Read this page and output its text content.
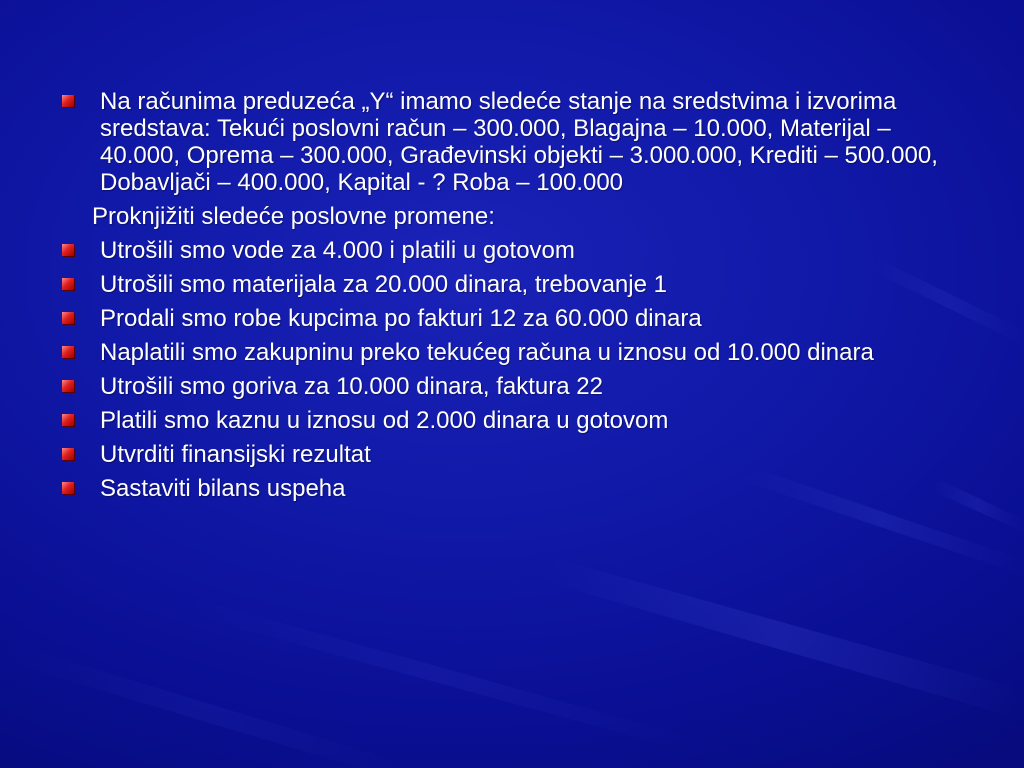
Na računima preduzeća „Y“ imamo sledeće stanje na sredstvima i izvorima sredstava: Tekući poslovni račun – 300.000, Blagajna – 10.000, Materijal – 40.000, Oprema – 300.000, Građevinski objekti – 3.000.000, Krediti – 500.000, Dobavljači – 400.000, Kapital - ? Roba – 100.000
Proknjižiti sledeće poslovne promene:
Utrošili smo vode za 4.000 i platili u gotovom
Utrošili smo materijala za 20.000 dinara, trebovanje 1
Prodali smo robe kupcima po fakturi 12 za 60.000 dinara
Naplatili smo zakupninu preko tekućeg računa u iznosu od 10.000 dinara
Utrošili smo goriva za 10.000 dinara, faktura 22
Platili smo kaznu u iznosu od 2.000 dinara u gotovom
Utvrditi finansijski rezultat
Sastaviti bilans uspeha
